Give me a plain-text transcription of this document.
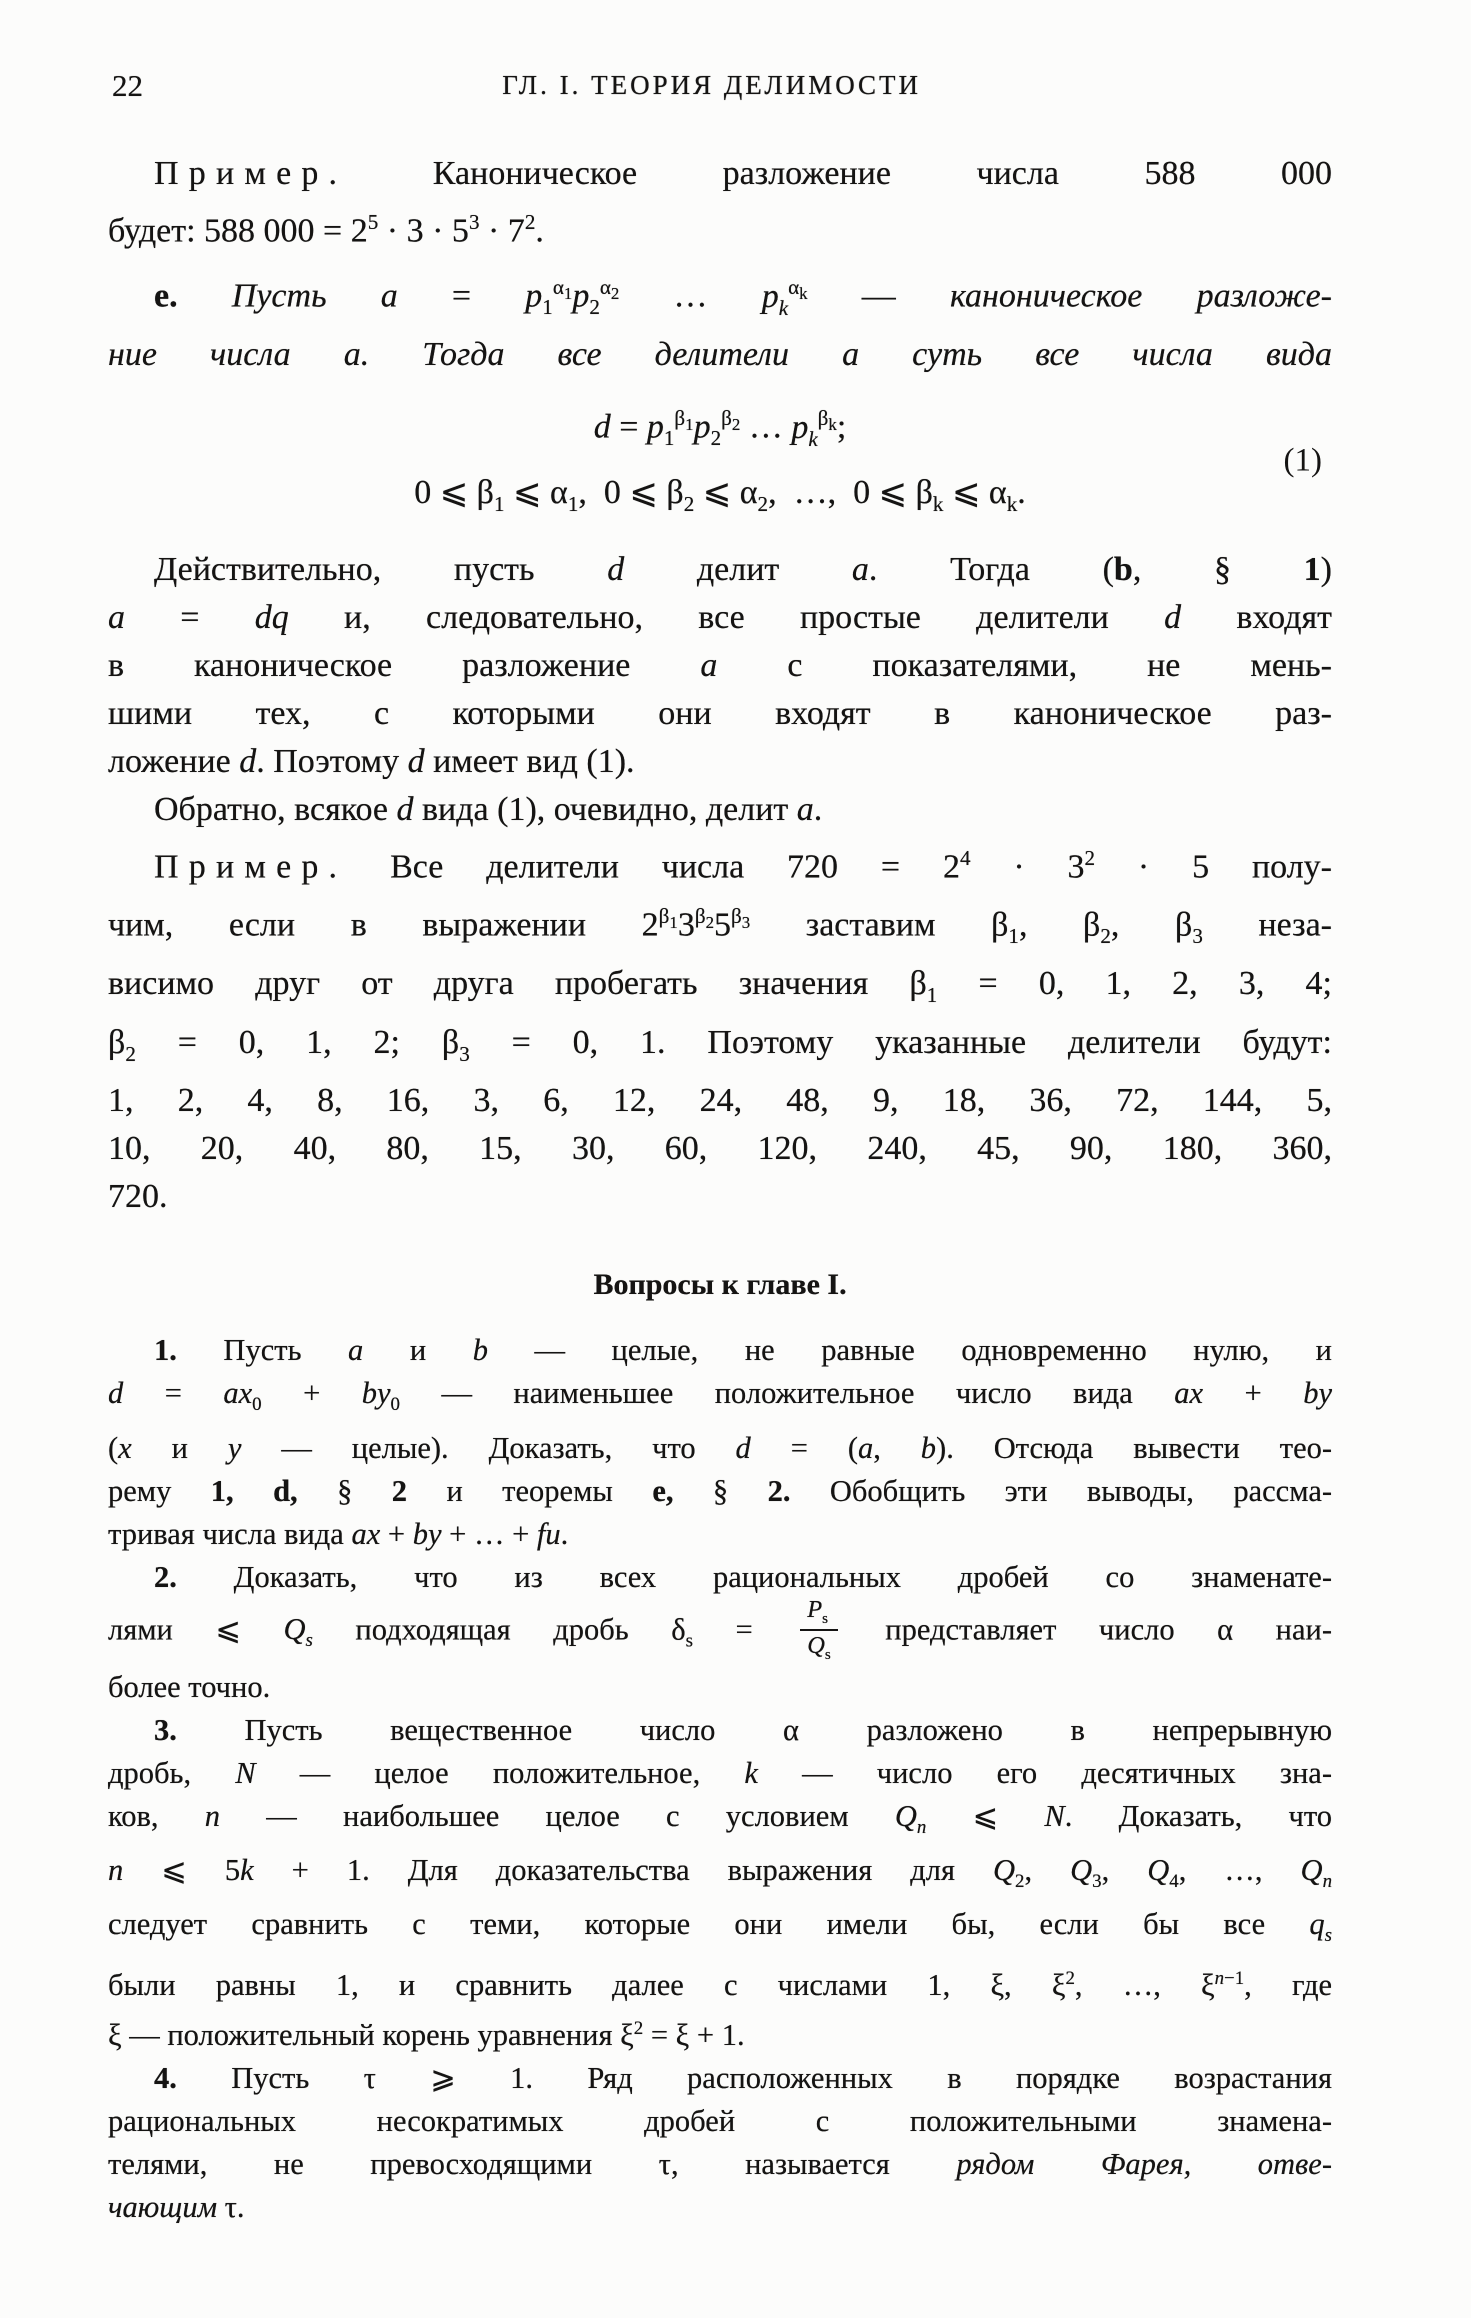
22	ГЛ. I. ТЕОРИЯ ДЕЛИМОСТИ
Пример. Каноническое разложение числа 588 000
будет: 588 $000 = 2^5 \cdot 3 \cdot 5^3 \cdot 7^2$.
e. Пусть $a = p_1^{\alpha_1}p_2^{\alpha_2}$ … $p_k^{\alpha_k}$ — каноническое разложе-
ние числа a. Тогда все делители a суть все числа вида
$d = p_1^{\beta_1}p_2^{\beta_2}$ … $p_k^{\beta_k}$;
0 ⩽ $\beta_1$ ⩽ $\alpha_1$,  0 ⩽ $\beta_2$ ⩽ $\alpha_2$,  …,  0 ⩽ $\beta_k$ ⩽ $\alpha_k$.
(1)
Действительно, пусть d делит a. Тогда (b, § 1)
a = dq и, следовательно, все простые делители d входят
в каноническое разложение a с показателями, не мень-
шими тех, с которыми они входят в каноническое раз-
ложение d. Поэтому d имеет вид (1).
Обратно, всякое d вида (1), очевидно, делит a.
Пример. Все делители числа $720 = 2^4 \cdot 3^2 \cdot 5$ полу-
чим, если в выражении $2^{\beta_1}3^{\beta_2}5^{\beta_3}$ заставим $\beta_1$, $\beta_2$, $\beta_3$ неза-
висимо друг от друга пробегать значения $\beta_1 = 0$, 1, 2, 3, 4;
$\beta_2 = 0$, 1, 2; $\beta_3 = 0$, 1. Поэтому указанные делители будут:
1, 2, 4, 8, 16, 3, 6, 12, 24, 48, 9, 18, 36, 72, 144, 5,
10, 20, 40, 80, 15, 30, 60, 120, 240, 45, 90, 180, 360,
720.
Вопросы к главе I.
1. Пусть a и b — целые, не равные одновременно нулю, и
$d = ax_0 + by_0$ — наименьшее положительное число вида ax + by
(x и y — целые). Доказать, что d = (a, b). Отсюда вывести тео-
рему 1, d, § 2 и теоремы e, § 2. Обобщить эти выводы, рассма-
тривая числа вида ax + by + … + fu.
2. Доказать, что из всех рациональных дробей со знаменате-
лями ⩽ $Q_s$ подходящая дробь $\delta_s = \frac{P_s}{Q_s}$ представляет число α наи-
более точно.
3. Пусть вещественное число α разложено в непрерывную
дробь, N — целое положительное, k — число его десятичных зна-
ков, n — наибольшее целое с условием $Q_n$ ⩽ N. Доказать, что
n ⩽ 5k + 1. Для доказательства выражения для $Q_2$, $Q_3$, $Q_4$, …, $Q_n$
следует сравнить с теми, которые они имели бы, если бы все $q_s$
были равны 1, и сравнить далее с числами 1, ξ, $\xi^2$, …, $\xi^{n-1}$, где
ξ — положительный корень уравнения $\xi^2 = \xi + 1$.
4. Пусть τ ⩾ 1. Ряд расположенных в порядке возрастания
рациональных несократимых дробей с положительными знамена-
телями, не превосходящими τ, называется рядом Фарея, отве-
чающим τ.
